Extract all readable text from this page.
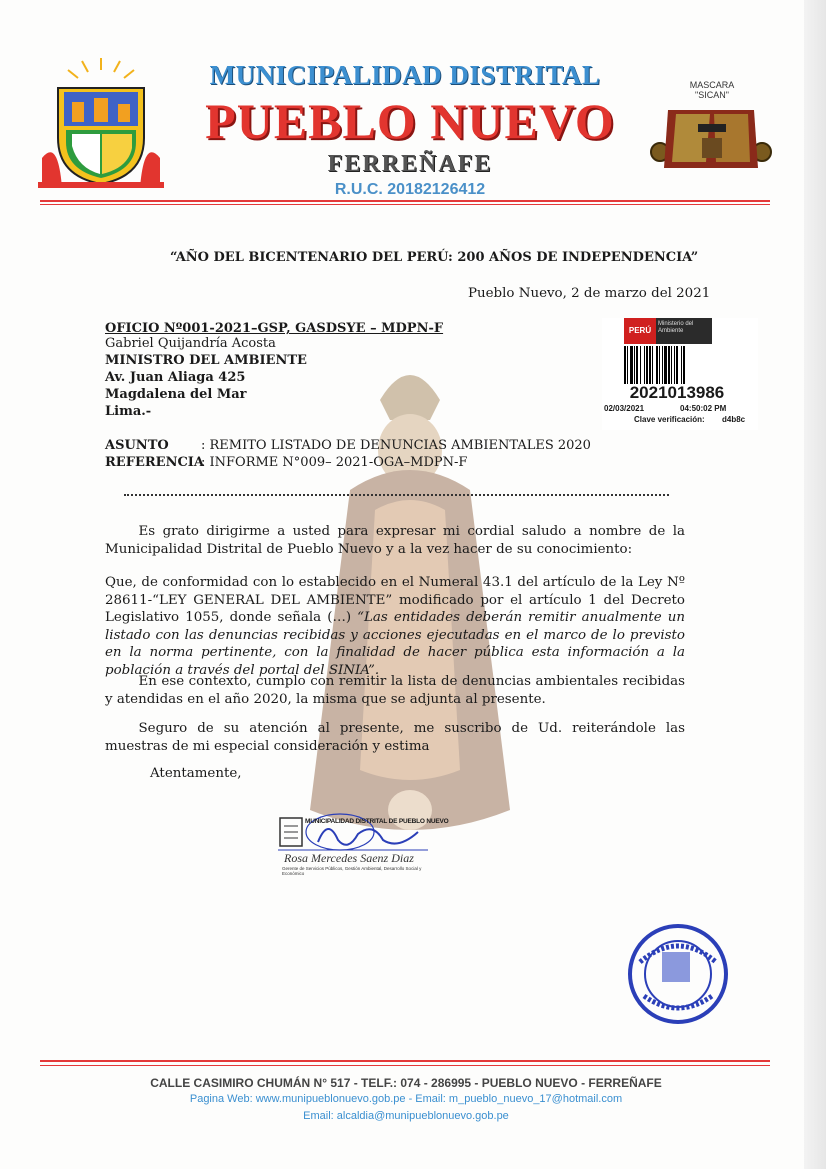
MUNICIPALIDAD DISTRITAL
PUEBLO NUEVO
FERREÑAFE
R.U.C. 20182126412
MASCARA
"SICAN"
“AÑO DEL BICENTENARIO DEL PERÚ: 200 AÑOS DE INDEPENDENCIA”
Pueblo Nuevo, 2 de marzo del 2021
OFICIO Nº001-2021–GSP, GASDSYE – MDPN-F
Gabriel Quijandría Acosta
MINISTRO DEL AMBIENTE
Av. Juan Aliaga 425
Magdalena del Mar
Lima.-
PERÚ
Ministerio del Ambiente
2021013986
02/03/2021	04:50:02 PM
Clave verificación: d4b8c
ASUNTO : REMITO LISTADO DE DENUNCIAS AMBIENTALES 2020
REFERENCIA: INFORME N°009– 2021-OGA–MDPN-F
   Es grato dirigirme a usted para expresar mi cordial saludo a nombre de la Municipalidad Distrital de Pueblo Nuevo y a la vez hacer de su conocimiento:
Que, de conformidad con lo establecido en el Numeral 43.1 del artículo de la Ley Nº 28611-“LEY GENERAL DEL AMBIENTE” modificado por el artículo 1 del Decreto Legislativo 1055, donde señala (…) “Las entidades deberán remitir anualmente un listado con las denuncias recibidas y acciones ejecutadas en el marco de lo previsto en la norma pertinente, con la finalidad de hacer pública esta información a la población a través del portal del SINIA”.
   En ese contexto, cumplo con remitir la lista de denuncias ambientales recibidas y atendidas en el año 2020, la misma que se adjunta al presente.
   Seguro de su atención al presente, me suscribo de Ud. reiterándole las muestras de mi especial consideración y estima
Atentamente,
MUNICIPALIDAD DISTRITAL DE PUEBLO NUEVO
Rosa Mercedes Saenz Diaz
Gerente de Servicios Públicos, Gestión Ambiental, Desarrollo Social y Económico
CALLE CASIMIRO CHUMÁN N° 517 - TELF.: 074 - 286995 - PUEBLO NUEVO - FERREÑAFE
Pagina Web: www.munipueblonuevo.gob.pe - Email: m_pueblo_nuevo_17@hotmail.com
Email: alcaldia@munipueblonuevo.gob.pe
